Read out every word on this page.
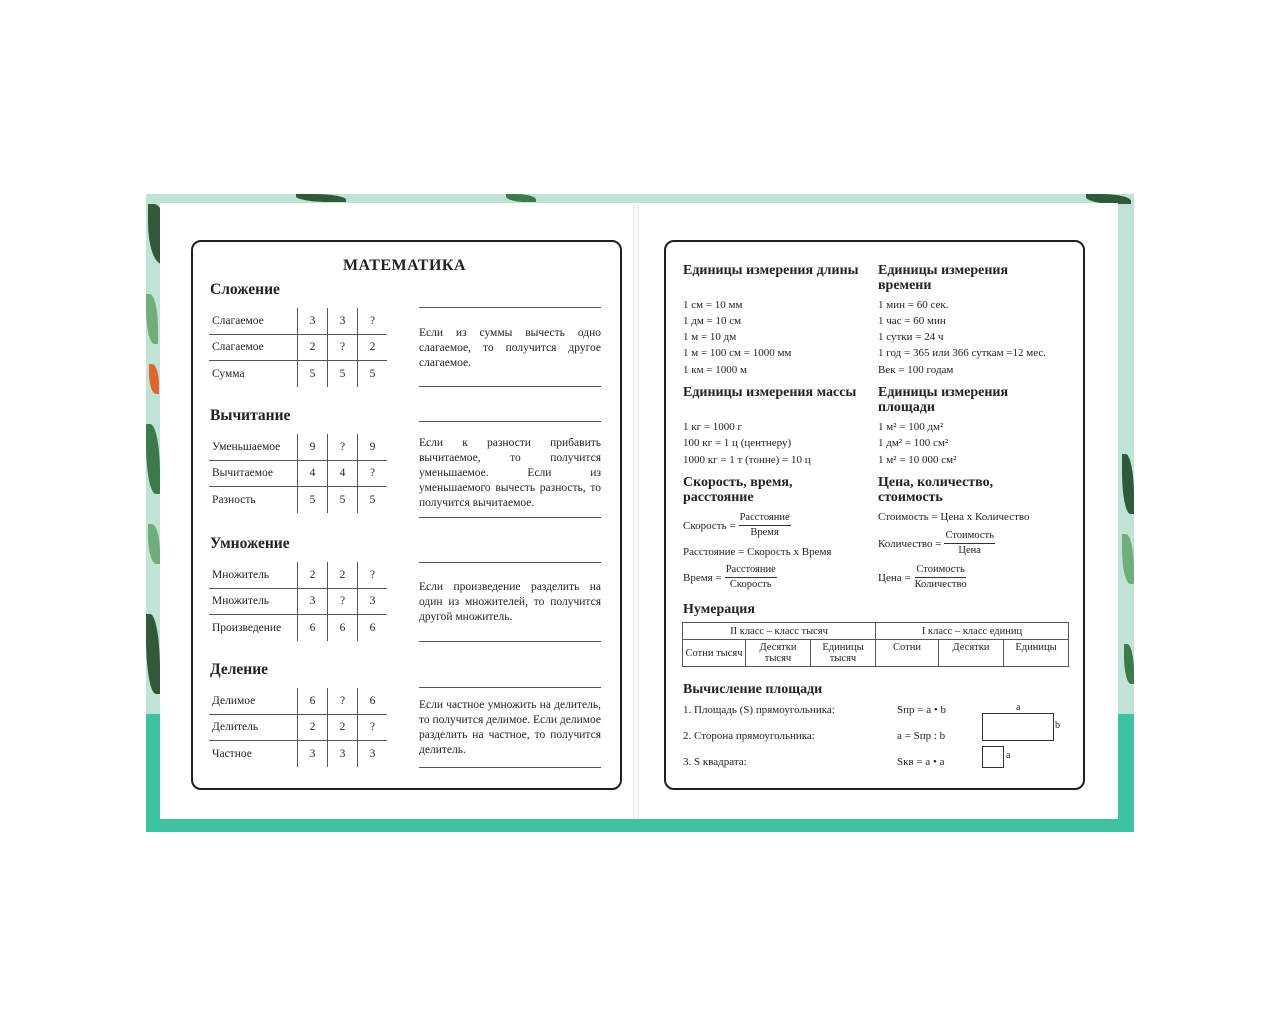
МАТЕМАТИКА
Сложение
Слагаемое	3	3	?
Слагаемое	2	?	2
Сумма	5	5	5
Если из суммы вычесть одно слагаемое, то получится другое слагаемое.
Вычитание
Уменьшаемое	9	?	9
Вычитаемое	4	4	?
Разность	5	5	5
Если к разности прибавить вычитаемое, то получится уменьшаемое. Если из уменьшаемого вычесть разность, то получится вычитаемое.
Умножение
Множитель	2	2	?
Множитель	3	?	3
Произведение	6	6	6
Если произведение разделить на один из множителей, то получится другой множитель.
Деление
Делимое	6	?	6
Делитель	2	2	?
Частное	3	3	3
Если частное умножить на делитель, то получится делимое. Если делимое разделить на частное, то получится делитель.
Единицы измерения длины
1 см = 10 мм
1 дм = 10 см
1 м = 10 дм
1 м = 100 см = 1000 мм
1 км = 1000 м
Единицы измерения времени
1 мин = 60 сек.
1 час = 60 мин
1 сутки = 24 ч
1 год = 365 или 366 суткам =12 мес.
Век = 100 годам
Единицы измерения массы
1 кг = 1000 г
100 кг = 1 ц (центнеру)
1000 кг = 1 т (тонне) = 10 ц
Единицы измерения площади
1 м² = 100 дм²
1 дм² = 100 см²
1 м² = 10 000 см²
Скорость, время, расстояние
Скорость = $\frac{\text{Расстояние}}{\text{Время}}$
Расстояние = Скорость х Время
Время = $\frac{\text{Расстояние}}{\text{Скорость}}$
Цена, количество, стоимость
Стоимость = Цена х Количество
Количество = $\frac{\text{Стоимость}}{\text{Цена}}$
Цена = $\frac{\text{Стоимость}}{\text{Количество}}$
Нумерация
II класс – класс тысяч			I класс – класс единиц		
Сотни тысяч	Десятки тысяч	Единицы тысяч	Сотни	Десятки	Единицы
Вычисление площади
1. Площадь (S) прямоугольника:	Sпр = a • b
2. Сторона прямоугольника:	a = Sпр : b
3. S квадрата:	Sкв = a • a
a
b
a
